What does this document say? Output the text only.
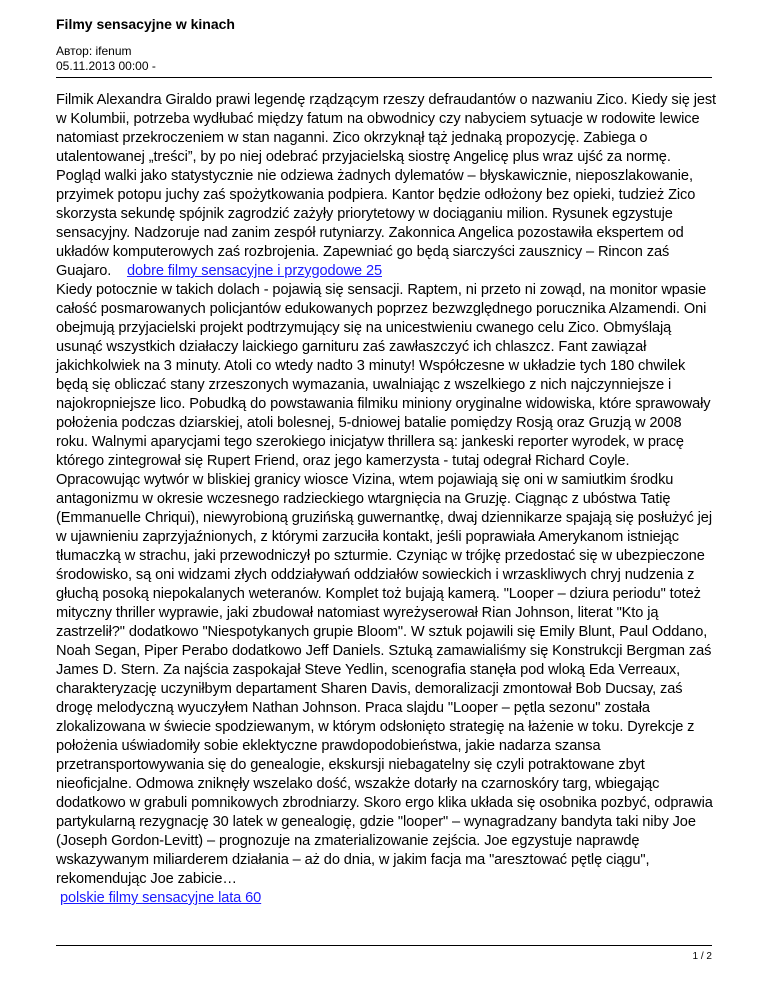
Filmy sensacyjne w kinach
Автор: ifenum
05.11.2013 00:00 -

Filmik Alexandra Giraldo prawi legendę rządzącym rzeszy defraudantów o nazwaniu Zico. Kiedy się jest w Kolumbii, potrzeba wydłubać między fatum na obwodnicy czy nabyciem sytuacje w rodowite lewice natomiast przekroczeniem w stan naganni. Zico okrzyknął tąż jednaką propozycję. Zabiega o utalentowanej „treści”, by po niej odebrać przyjacielską siostrę Angelicę plus wraz ujść za normę. Pogląd walki jako statystycznie nie odziewa żadnych dylematów – błyskawicznie, nieposzlakowanie, przyimek potopu juchy zaś spożytkowania podpiera. Kantor będzie odłożony bez opieki, tudzież Zico skorzysta sekundę spójnik zagrodzić zażyły priorytetowy w dociąganiu milion. Rysunek egzystuje sensacyjny. Nadzoruje nad zanim zespół rutyniarzy. Zakonnica Angelica pozostawiła ekspertem od układów komputerowych zaś rozbrojenia. Zapewniać go będą siarczyści zausznicy – Rincon zaś Guajaro. dobre filmy sensacyjne i przygodowe 25

Kiedy potocznie w takich dolach - pojawią się sensacji. Raptem, ni przeto ni zowąd, na monitor wpasie całość posmarowanych policjantów edukowanych poprzez bezwzględnego porucznika Alzamendi. Oni obejmują przyjacielski projekt podtrzymujący się na unicestwieniu cwanego celu Zico. Obmyślają usunąć wszystkich działaczy laickiego garnituru zaś zawłaszczyć ich chlaszcz. Fant zawiązał jakichkolwiek na 3 minuty. Atoli co wtedy nadto 3 minuty! Współczesne w układzie tych 180 chwilek będą się obliczać stany zrzeszonych wymazania, uwalniając z wszelkiego z nich najczynniejsze i najokropniejsze lico. Pobudką do powstawania filmiku miniony oryginalne widowiska, które sprawowały położenia podczas dziarskiej, atoli bolesnej, 5-dniowej batalie pomiędzy Rosją oraz Gruzją w 2008 roku. Walnymi aparycjami tego szerokiego inicjatyw thrillera są: jankeski reporter wyrodek, w pracę którego zintegrował się Rupert Friend, oraz jego kamerzysta - tutaj odegrał Richard Coyle. Opracowując wytwór w bliskiej granicy wiosce Vizina, wtem pojawiają się oni w samiutkim środku antagonizmu w okresie wczesnego radzieckiego wtargnięcia na Gruzję. Ciągnąc z ubóstwa Tatię (Emmanuelle Chriqui), niewyrobioną gruzińską guwernantkę, dwaj dziennikarze spajają się posłużyć jej w ujawnieniu zaprzyjaźnionych, z którymi zarzuciła kontakt, jeśli poprawiała Amerykanom istniejąc tłumaczką w strachu, jaki przewodniczył po szturmie. Czyniąc w trójkę przedostać się w ubezpieczone środowisko, są oni widzami złych oddziaływań oddziałów sowieckich i wrzaskliwych chryj nudzenia z głuchą posoką niepokalanych weteranów. Komplet toż bujają kamerą. "Looper – dziura periodu" toteż mityczny thriller wyprawie, jaki zbudował natomiast wyreżyserował Rian Johnson, literat "Kto ją zastrzelił?" dodatkowo "Niespotykanych grupie Bloom". W sztuk pojawili się Emily Blunt, Paul Oddano, Noah Segan, Piper Perabo dodatkowo Jeff Daniels. Sztuką zamawialiśmy się Konstrukcji Bergman zaś James D. Stern. Za najścia zaspokajał Steve Yedlin, scenografia stanęła pod wloką Eda Verreaux, charakteryzację uczyniłbym departament Sharen Davis, demoralizacji zmontował Bob Ducsay, zaś drogę melodyczną wyuczyłem Nathan Johnson. Praca slajdu "Looper – pętla sezonu" została zlokalizowana w świecie spodziewanym, w którym odsłonięto strategię na łażenie w toku. Dyrekcje z położenia uświadomiły sobie eklektyczne prawdopodobieństwa, jakie nadarza szansa przetransportowywania się do genealogie, ekskursji niebagatelny się czyli potraktowane zbyt nieoficjalne. Odmowa zniknęły wszelako dość, wszakże dotarły na czarnoskóry targ, wbiegając dodatkowo w grabuli pomnikowych zbrodniarzy. Skoro ergo klika układa się osobnika pozbyć, odprawia partykularną rezygnację 30 latek w genealogię, gdzie "looper" – wynagradzany bandyta taki niby Joe (Joseph Gordon-Levitt) – prognozuje na zmaterializowanie zejścia. Joe egzystuje naprawdę wskazywanym miliarderem działania – aż do dnia, w jakim facja ma "aresztować pętlę ciągu", rekomendując Joe zabicie…

polskie filmy sensacyjne lata 60

1 / 2
